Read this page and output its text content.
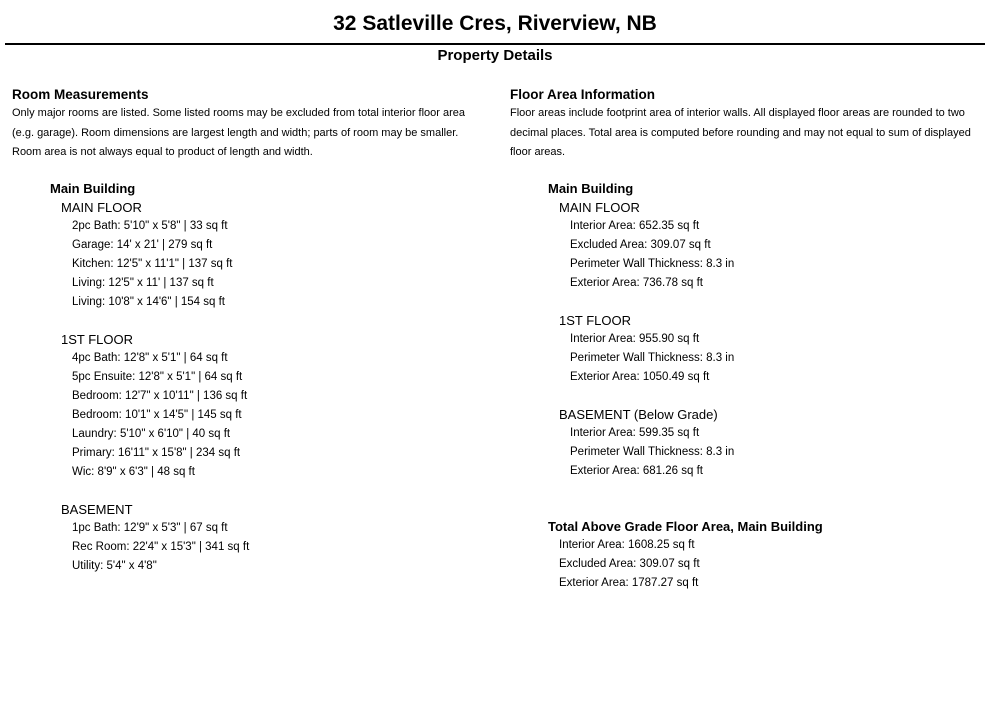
32 Satleville Cres, Riverview, NB
Property Details
Room Measurements
Only major rooms are listed. Some listed rooms may be excluded from total interior floor area
(e.g. garage). Room dimensions are largest length and width; parts of room may be smaller.
Room area is not always equal to product of length and width.
Main Building
MAIN FLOOR
2pc Bath: 5'10" x 5'8" | 33 sq ft
Garage: 14' x 21' | 279 sq ft
Kitchen: 12'5" x 11'1" | 137 sq ft
Living: 12'5" x 11' | 137 sq ft
Living: 10'8" x 14'6" | 154 sq ft
1ST FLOOR
4pc Bath: 12'8" x 5'1" | 64 sq ft
5pc Ensuite: 12'8" x 5'1" | 64 sq ft
Bedroom: 12'7" x 10'11" | 136 sq ft
Bedroom: 10'1" x 14'5" | 145 sq ft
Laundry: 5'10" x 6'10" | 40 sq ft
Primary: 16'11" x 15'8" | 234 sq ft
Wic: 8'9" x 6'3" | 48 sq ft
BASEMENT
1pc Bath: 12'9" x 5'3" | 67 sq ft
Rec Room: 22'4" x 15'3" | 341 sq ft
Utility: 5'4" x 4'8"
Floor Area Information
Floor areas include footprint area of interior walls. All displayed floor areas are rounded to two
decimal places. Total area is computed before rounding and may not equal to sum of displayed
floor areas.
Main Building
MAIN FLOOR
Interior Area: 652.35 sq ft
Excluded Area: 309.07 sq ft
Perimeter Wall Thickness: 8.3 in
Exterior Area: 736.78 sq ft
1ST FLOOR
Interior Area: 955.90 sq ft
Perimeter Wall Thickness: 8.3 in
Exterior Area: 1050.49 sq ft
BASEMENT (Below Grade)
Interior Area: 599.35 sq ft
Perimeter Wall Thickness: 8.3 in
Exterior Area: 681.26 sq ft
Total Above Grade Floor Area, Main Building
Interior Area: 1608.25 sq ft
Excluded Area: 309.07 sq ft
Exterior Area: 1787.27 sq ft
